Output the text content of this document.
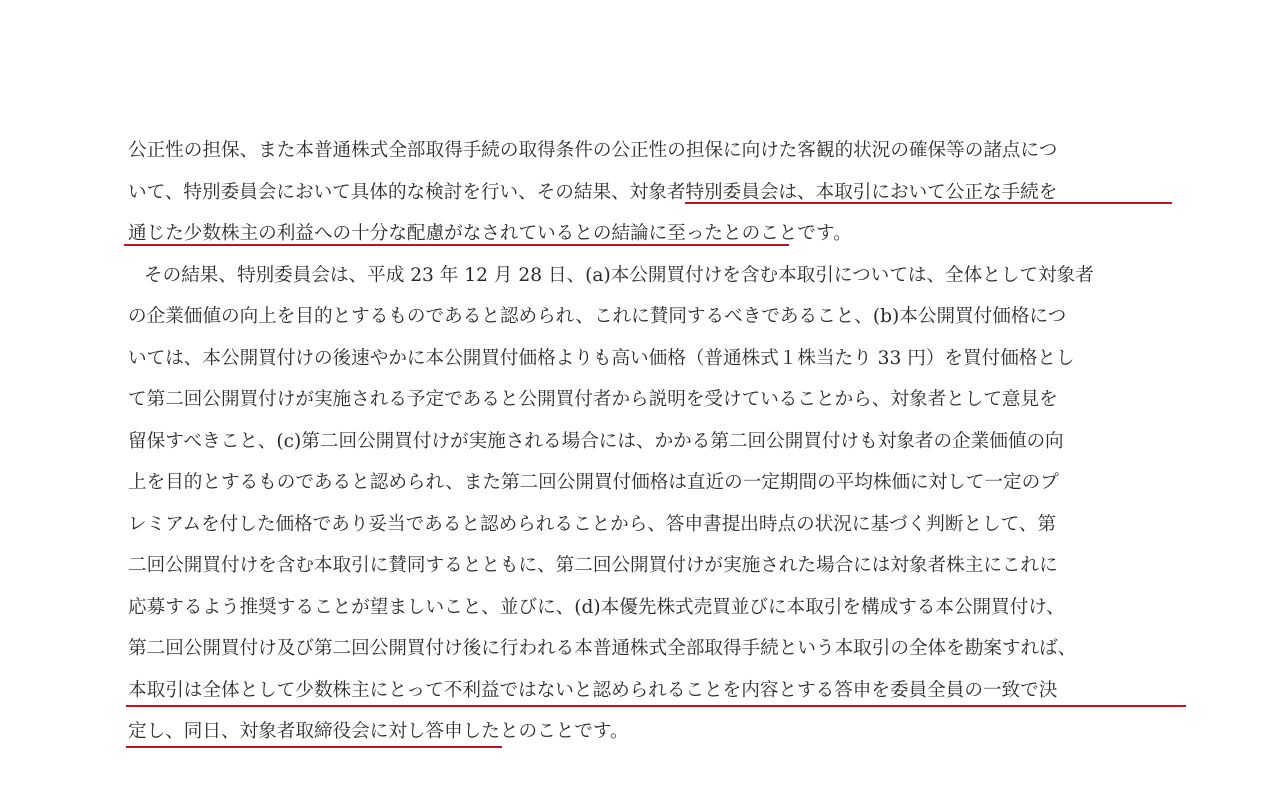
公正性の担保、また本普通株式全部取得手続の取得条件の公正性の担保に向けた客観的状況の確保等の諸点につ
いて、特別委員会において具体的な検討を行い、その結果、対象者特別委員会は、本取引において公正な手続を
通じた少数株主の利益への十分な配慮がなされているとの結論に至ったとのことです。
その結果、特別委員会は、平成 23 年 12 月 28 日、(a)本公開買付けを含む本取引については、全体として対象者
の企業価値の向上を目的とするものであると認められ、これに賛同するべきであること、(b)本公開買付価格につ
いては、本公開買付けの後速やかに本公開買付価格よりも高い価格（普通株式１株当たり 33 円）を買付価格とし
て第二回公開買付けが実施される予定であると公開買付者から説明を受けていることから、対象者として意見を
留保すべきこと、(c)第二回公開買付けが実施される場合には、かかる第二回公開買付けも対象者の企業価値の向
上を目的とするものであると認められ、また第二回公開買付価格は直近の一定期間の平均株価に対して一定のプ
レミアムを付した価格であり妥当であると認められることから、答申書提出時点の状況に基づく判断として、第
二回公開買付けを含む本取引に賛同するとともに、第二回公開買付けが実施された場合には対象者株主にこれに
応募するよう推奨することが望ましいこと、並びに、(d)本優先株式売買並びに本取引を構成する本公開買付け、
第二回公開買付け及び第二回公開買付け後に行われる本普通株式全部取得手続という本取引の全体を勘案すれば、
本取引は全体として少数株主にとって不利益ではないと認められることを内容とする答申を委員全員の一致で決
定し、同日、対象者取締役会に対し答申したとのことです。
